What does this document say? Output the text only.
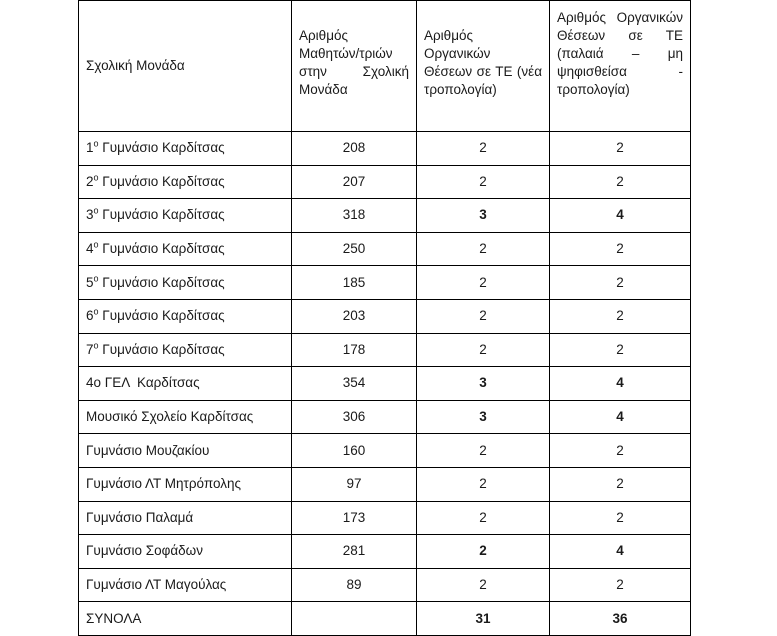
Σχολική Μονάδα	Αριθμός Μαθητών/τριών στην Σχολική Μονάδα	Αριθμός Οργανικών Θέσεων σε ΤΕ (νέα τροπολογία)	Αριθμός Οργανικών Θέσεων σε ΤΕ (παλαιά – μη ψηφισθείσα - τροπολογία)

$1^o$ Γυμνάσιο Καρδίτσας	208	2	2
$2^o$ Γυμνάσιο Καρδίτσας	207	2	2
$3^o$ Γυμνάσιο Καρδίτσας	318	3	4
$4^o$ Γυμνάσιο Καρδίτσας	250	2	2
$5^o$ Γυμνάσιο Καρδίτσας	185	2	2
$6^o$ Γυμνάσιο Καρδίτσας	203	2	2
$7^o$ Γυμνάσιο Καρδίτσας	178	2	2
4ο ΓΕΛ  Καρδίτσας	354	3	4
Μουσικό Σχολείο Καρδίτσας	306	3	4
Γυμνάσιο Μουζακίου	160	2	2
Γυμνάσιο ΛΤ Μητρόπολης	97	2	2
Γυμνάσιο Παλαμά	173	2	2
Γυμνάσιο Σοφάδων	281	2	4
Γυμνάσιο ΛΤ Μαγούλας	89	2	2
ΣΥΝΟΛΑ		31	36
